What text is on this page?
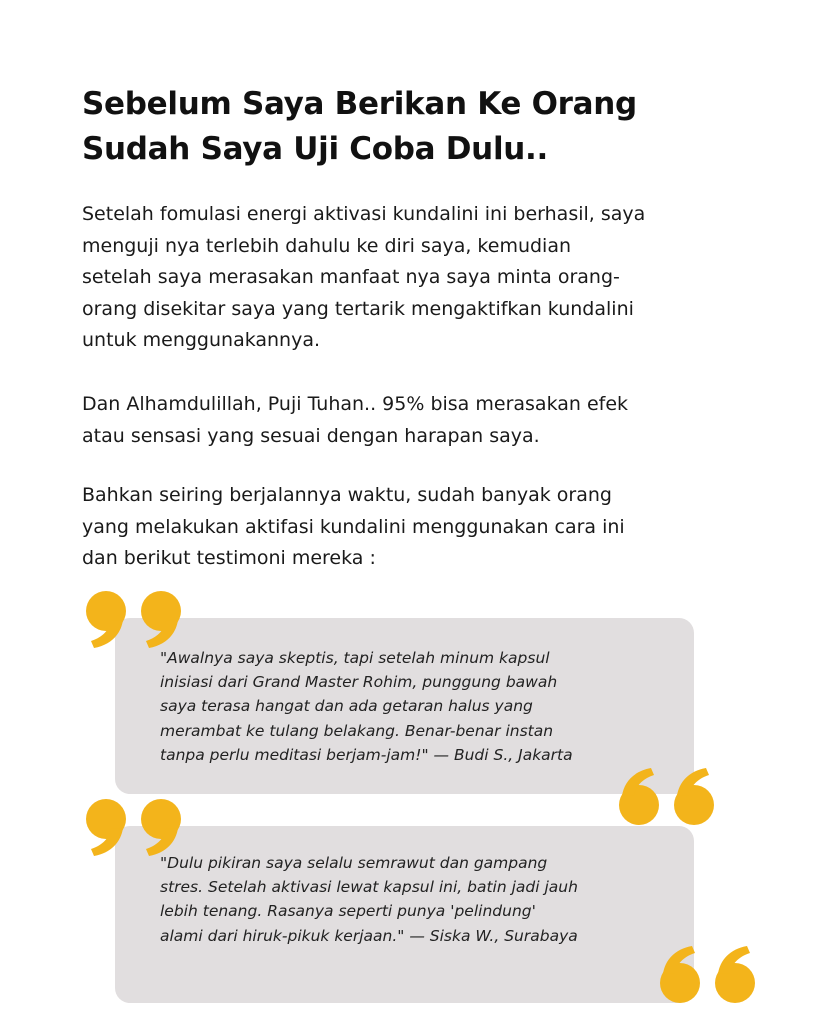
Sebelum Saya Berikan Ke Orang
Sudah Saya Uji Coba Dulu..

Setelah fomulasi energi aktivasi kundalini ini berhasil, saya
menguji nya terlebih dahulu ke diri saya, kemudian
setelah saya merasakan manfaat nya saya minta orang-
orang disekitar saya yang tertarik mengaktifkan kundalini
untuk menggunakannya.

Dan Alhamdulillah, Puji Tuhan.. 95% bisa merasakan efek
atau sensasi yang sesuai dengan harapan saya.

Bahkan seiring berjalannya waktu, sudah banyak orang
yang melakukan aktifasi kundalini menggunakan cara ini
dan berikut testimoni mereka :

"Awalnya saya skeptis, tapi setelah minum kapsul
inisiasi dari Grand Master Rohim, punggung bawah
saya terasa hangat dan ada getaran halus yang
merambat ke tulang belakang. Benar-benar instan
tanpa perlu meditasi berjam-jam!" — Budi S., Jakarta

"Dulu pikiran saya selalu semrawut dan gampang
stres. Setelah aktivasi lewat kapsul ini, batin jadi jauh
lebih tenang. Rasanya seperti punya 'pelindung'
alami dari hiruk-pikuk kerjaan." — Siska W., Surabaya
